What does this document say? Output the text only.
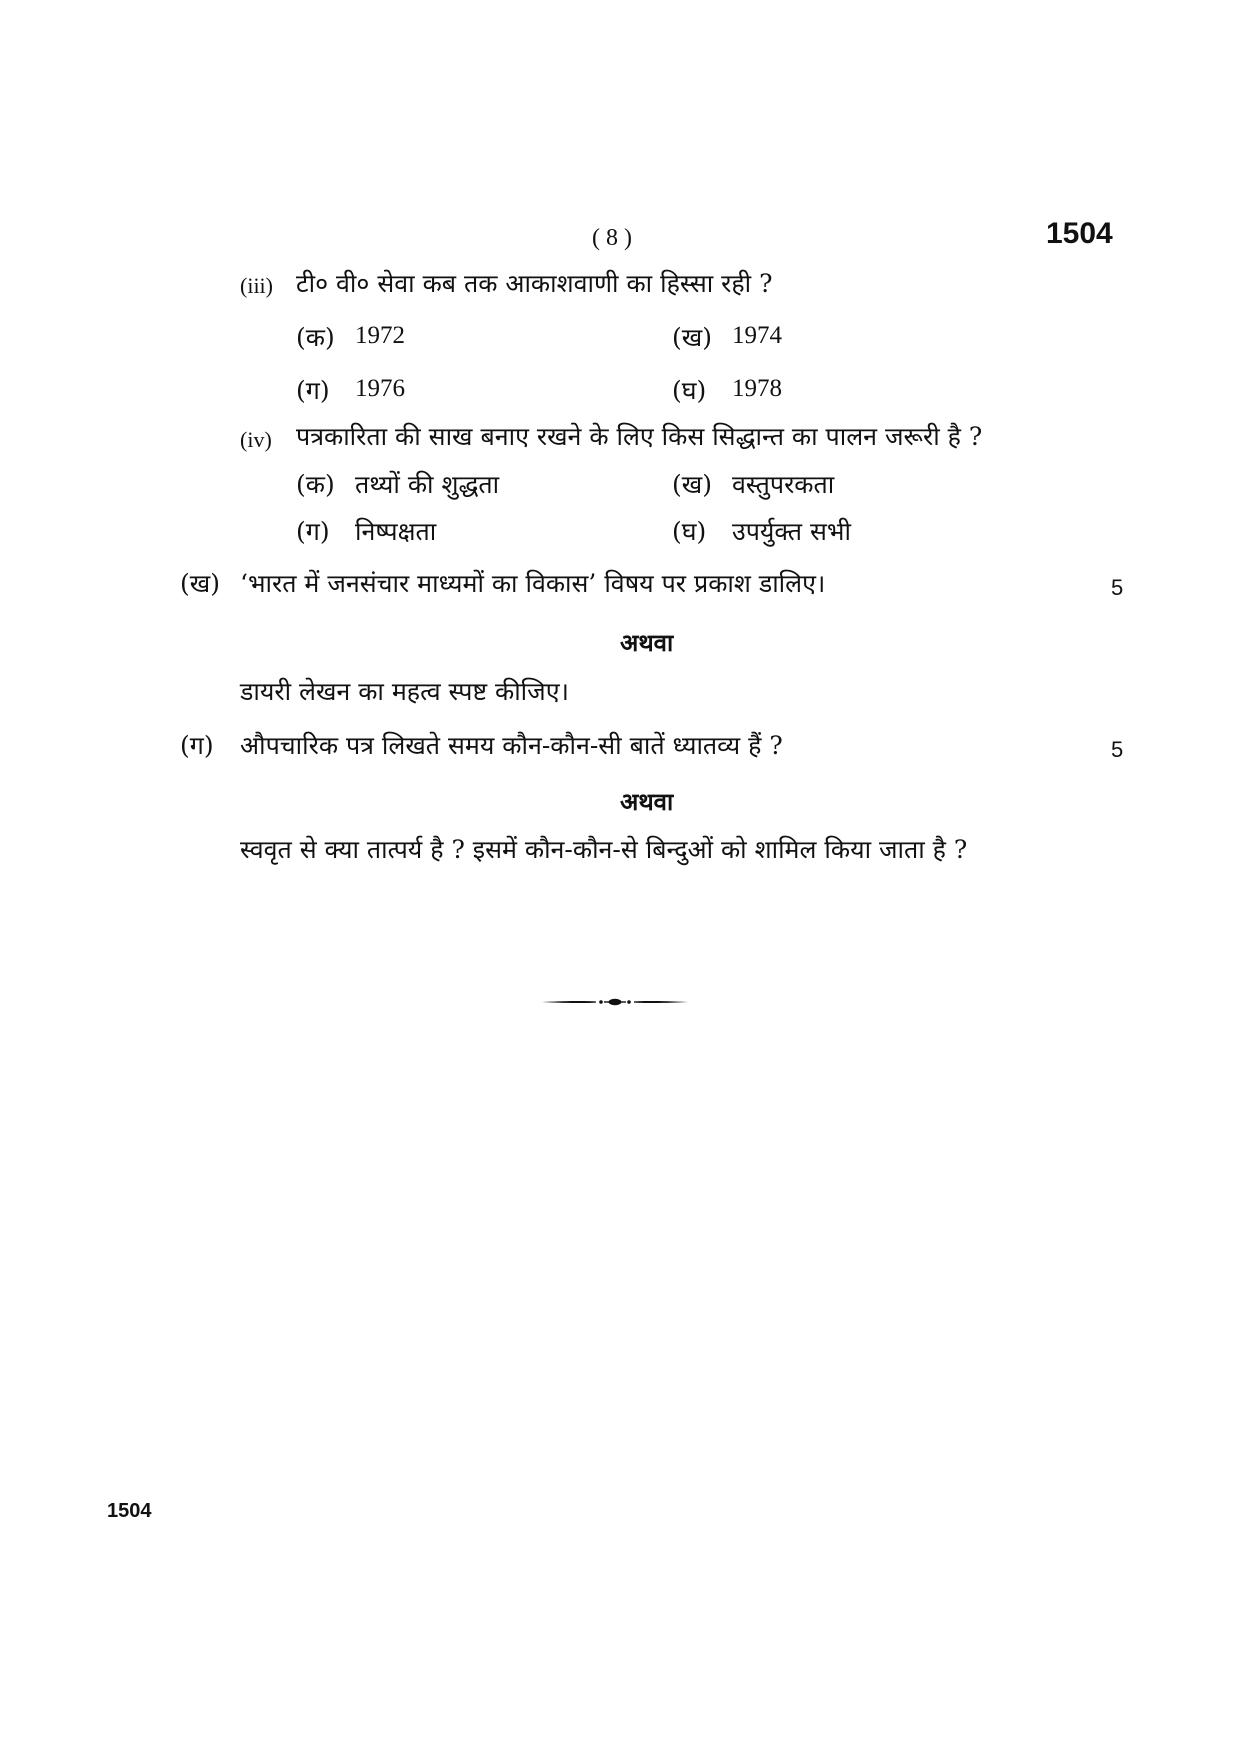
( 8 )	1504
(iii) टी० वी० सेवा कब तक आकाशवाणी का हिस्सा रही ?
(क) 1972	(ख) 1974
(ग) 1976	(घ) 1978
(iv) पत्रकारिता की साख बनाए रखने के लिए किस सिद्धान्त का पालन जरूरी है ?
(क) तथ्यों की शुद्धता	(ख) वस्तुपरकता
(ग) निष्पक्षता	(घ) उपर्युक्त सभी
(ख) ‘भारत में जनसंचार माध्यमों का विकास’ विषय पर प्रकाश डालिए।	5
अथवा
डायरी लेखन का महत्व स्पष्ट कीजिए।
(ग) औपचारिक पत्र लिखते समय कौन-कौन-सी बातें ध्यातव्य हैं ?	5
अथवा
स्ववृत से क्या तात्पर्य है ? इसमें कौन-कौन-से बिन्दुओं को शामिल किया जाता है ?
1504
